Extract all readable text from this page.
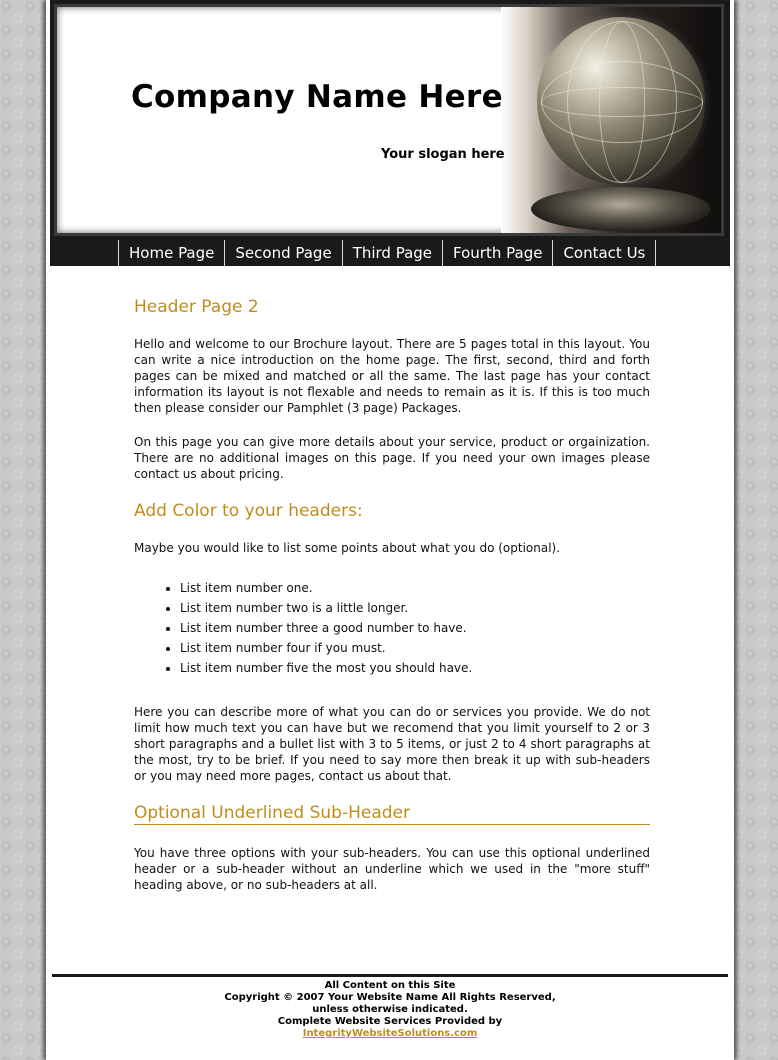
Company Name Here
Your slogan here
Home Page	Second Page	Third Page	Fourth Page	Contact Us
Header Page 2

Hello and welcome to our Brochure layout. There are 5 pages total in this layout. You can write a nice introduction on the home page. The first, second, third and forth pages can be mixed and matched or all the same. The last page has your contact information its layout is not flexable and needs to remain as it is. If this is too much then please consider our Pamphlet (3 page) Packages.

On this page you can give more details about your service, product or orgainization. There are no additional images on this page. If you need your own images please contact us about pricing.

Add Color to your headers:

Maybe you would like to list some points about what you do (optional).

• List item number one.
• List item number two is a little longer.
• List item number three a good number to have.
• List item number four if you must.
• List item number five the most you should have.

Here you can describe more of what you can do or services you provide. We do not limit how much text you can have but we recomend that you limit yourself to 2 or 3 short paragraphs and a bullet list with 3 to 5 items, or just 2 to 4 short paragraphs at the most, try to be brief. If you need to say more then break it up with sub-headers or you may need more pages, contact us about that.

Optional Underlined Sub-Header

You have three options with your sub-headers. You can use this optional underlined header or a sub-header without an underline which we used in the "more stuff" heading above, or no sub-headers at all.

All Content on this Site
Copyright © 2007 Your Website Name All Rights Reserved,
unless otherwise indicated.
Complete Website Services Provided by
IntegrityWebsiteSolutions.com
